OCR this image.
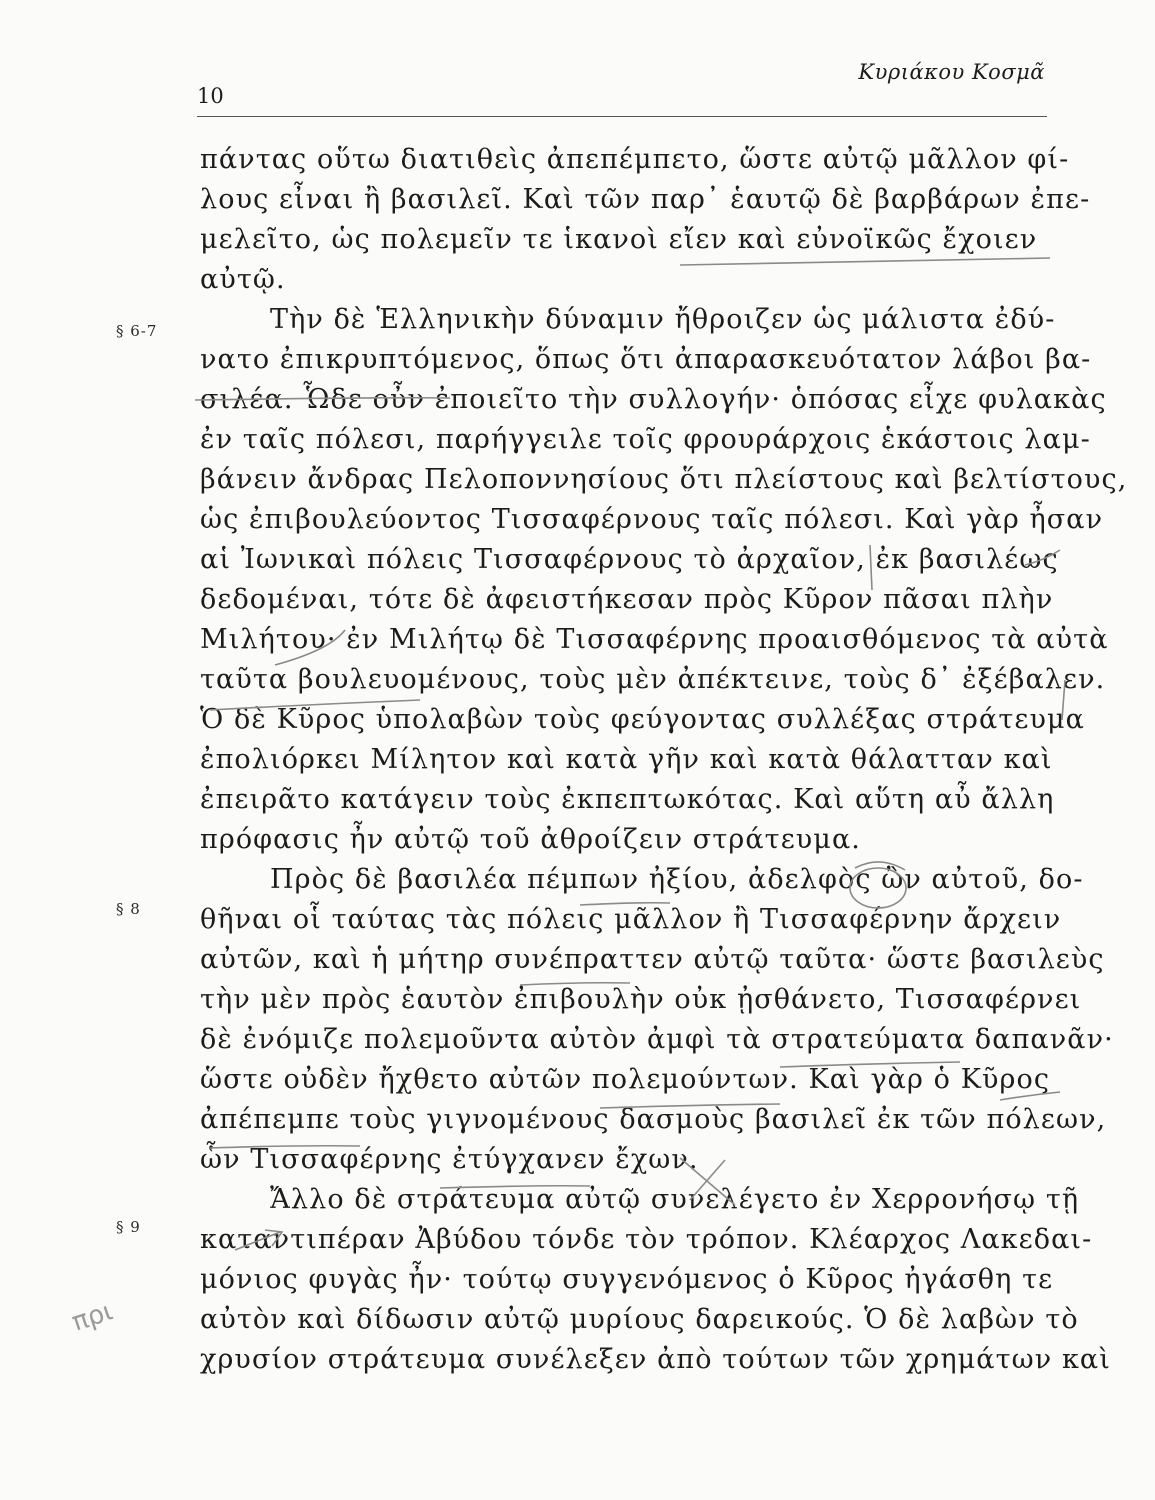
10
Κυριάκου Κοσμᾶ
§ 6-7
§ 8
§ 9
πρι
πάντας οὕτω διατιθεὶς ἀπεπέμπετο, ὥστε αὐτῷ μᾶλλον φί-
λους εἶναι ἢ βασιλεῖ. Καὶ τῶν παρ᾿ ἑαυτῷ δὲ βαρβάρων ἐπε-
μελεῖτο, ὡς πολεμεῖν τε ἱκανοὶ εἴεν καὶ εὐνοϊκῶς ἔχοιεν
αὐτῷ.
Τὴν δὲ Ἑλληνικὴν δύναμιν ἤθροιζεν ὡς μάλιστα ἐδύ-
νατο ἐπικρυπτόμενος, ὅπως ὅτι ἀπαρασκευότατον λάβοι βα-
σιλέα. Ὧδε οὖν ἐποιεῖτο τὴν συλλογήν· ὁπόσας εἶχε φυλακὰς
ἐν ταῖς πόλεσι, παρήγγειλε τοῖς φρουράρχοις ἑκάστοις λαμ-
βάνειν ἄνδρας Πελοποννησίους ὅτι πλείστους καὶ βελτίστους,
ὡς ἐπιβουλεύοντος Τισσαφέρνους ταῖς πόλεσι. Καὶ γὰρ ἦσαν
αἱ Ἰωνικαὶ πόλεις Τισσαφέρνους τὸ ἀρχαῖον, ἐκ βασιλέως
δεδομέναι, τότε δὲ ἀφειστήκεσαν πρὸς Κῦρον πᾶσαι πλὴν
Μιλήτου· ἐν Μιλήτῳ δὲ Τισσαφέρνης προαισθόμενος τὰ αὐτὰ
ταῦτα βουλευομένους, τοὺς μὲν ἀπέκτεινε, τοὺς δ᾿ ἐξέβαλεν.
Ὁ δὲ Κῦρος ὑπολαβὼν τοὺς φεύγοντας συλλέξας στράτευμα
ἐπολιόρκει Μίλητον καὶ κατὰ γῆν καὶ κατὰ θάλατταν καὶ
ἐπειρᾶτο κατάγειν τοὺς ἐκπεπτωκότας. Καὶ αὕτη αὖ ἄλλη
πρόφασις ἦν αὐτῷ τοῦ ἀθροίζειν στράτευμα.
Πρὸς δὲ βασιλέα πέμπων ἠξίου, ἀδελφὸς ὢν αὐτοῦ, δο-
θῆναι οἷ ταύτας τὰς πόλεις μᾶλλον ἢ Τισσαφέρνην ἄρχειν
αὐτῶν, καὶ ἡ μήτηρ συνέπραττεν αὐτῷ ταῦτα· ὥστε βασιλεὺς
τὴν μὲν πρὸς ἑαυτὸν ἐπιβουλὴν οὐκ ᾐσθάνετο, Τισσαφέρνει
δὲ ἐνόμιζε πολεμοῦντα αὐτὸν ἀμφὶ τὰ στρατεύματα δαπανᾶν·
ὥστε οὐδὲν ἤχθετο αὐτῶν πολεμούντων. Καὶ γὰρ ὁ Κῦρος
ἀπέπεμπε τοὺς γιγνομένους δασμοὺς βασιλεῖ ἐκ τῶν πόλεων,
ὧν Τισσαφέρνης ἐτύγχανεν ἔχων.
Ἄλλο δὲ στράτευμα αὐτῷ συνελέγετο ἐν Χερρονήσῳ τῇ
καταντιπέραν Ἀβύδου τόνδε τὸν τρόπον. Κλέαρχος Λακεδαι-
μόνιος φυγὰς ἦν· τούτῳ συγγενόμενος ὁ Κῦρος ἠγάσθη τε
αὐτὸν καὶ δίδωσιν αὐτῷ μυρίους δαρεικούς. Ὁ δὲ λαβὼν τὸ
χρυσίον στράτευμα συνέλεξεν ἀπὸ τούτων τῶν χρημάτων καὶ
